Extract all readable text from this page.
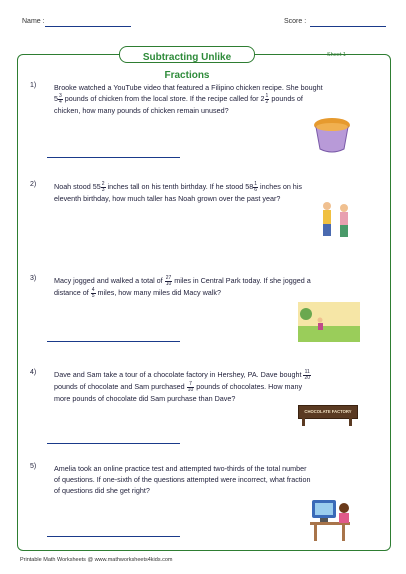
Name :	Score :
Subtracting Unlike Fractions
Sheet 1
1) Brooke watched a YouTube video that featured a Filipino chicken recipe. She bought
$5 \frac{3}{4}$ pounds of chicken from the local store. If the recipe called for $2 \frac{1}{2}$ pounds of
chicken, how many pounds of chicken remain unused?
2) Noah stood $55 \frac{2}{3}$ inches tall on his tenth birthday. If he stood $58 \frac{1}{6}$ inches on his
eleventh birthday, how much taller has Noah grown over the past year?
3) Macy jogged and walked a total of $\frac{27}{10}$ miles in Central Park today. If she jogged a
distance of $\frac{4}{5}$ miles, how many miles did Macy walk?
4) Dave and Sam take a tour of a chocolate factory in Hershey, PA. Dave bought $\frac{11}{20}$

pounds of chocolate and Sam purchased $\frac{7}{10}$ pounds of chocolates. How many
more pounds of chocolate did Sam purchase than Dave?
CHOCOLATE FACTORY
5) Amelia took an online practice test and attempted two-thirds of the total number
of questions. If one-sixth of the questions attempted were incorrect, what fraction
of questions did she get right?
Printable Math Worksheets @ www.mathworksheets4kids.com
